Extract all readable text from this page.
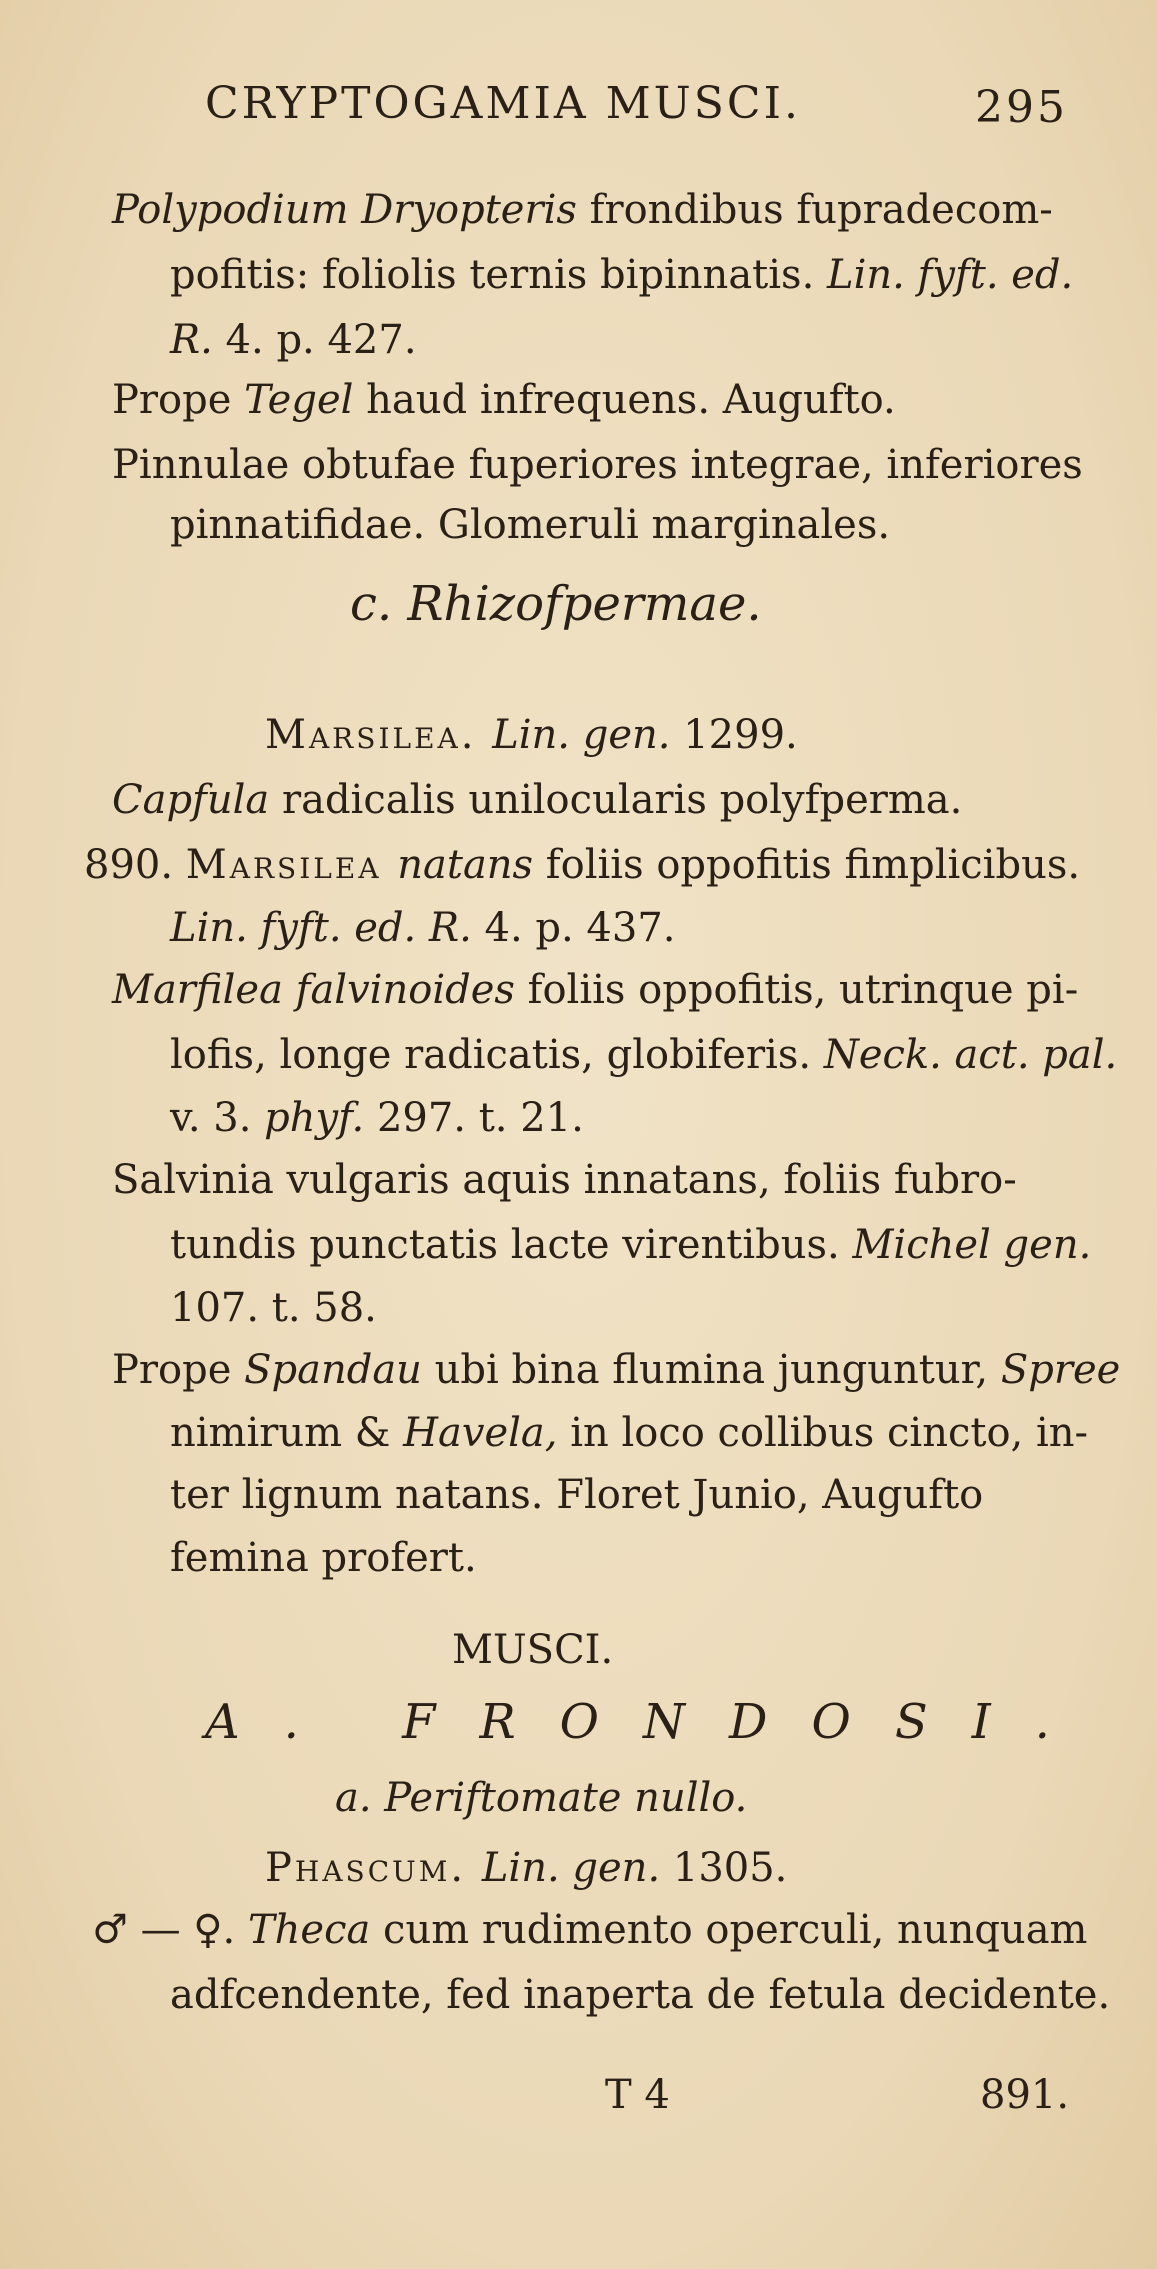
CRYPTOGAMIA MUSCI.	295
Polypodium Dryopteris frondibus fupradecom-
pofitis: foliolis ternis bipinnatis. Lin. fyft. ed.
R. 4. p. 427.
Prope Tegel haud infrequens. Augufto.
Pinnulae obtufae fuperiores integrae, inferiores
pinnatifidae. Glomeruli marginales.
c. Rhizofpermae.
Marsilea. Lin. gen. 1299.
Capfula radicalis unilocularis polyfperma.
890. Marsilea natans foliis oppofitis fimplicibus.
Lin. fyft. ed. R. 4. p. 437.
Marfilea falvinoides foliis oppofitis, utrinque pi-
lofis, longe radicatis, globiferis. Neck. act. pal.
v. 3. phyf. 297. t. 21.
Salvinia vulgaris aquis innatans, foliis fubro-
tundis punctatis lacte virentibus. Michel gen.
107. t. 58.
Prope Spandau ubi bina flumina junguntur, Spree
nimirum & Havela, in loco collibus cincto, in-
ter lignum natans. Floret Junio, Augufto
femina profert.
MUSCI.
A. FRONDOSI.
a. Periftomate nullo.
Phascum. Lin. gen. 1305.
♂ — ♀. Theca cum rudimento operculi, nunquam
adfcendente, fed inaperta de fetula decidente.
T 4	891.
